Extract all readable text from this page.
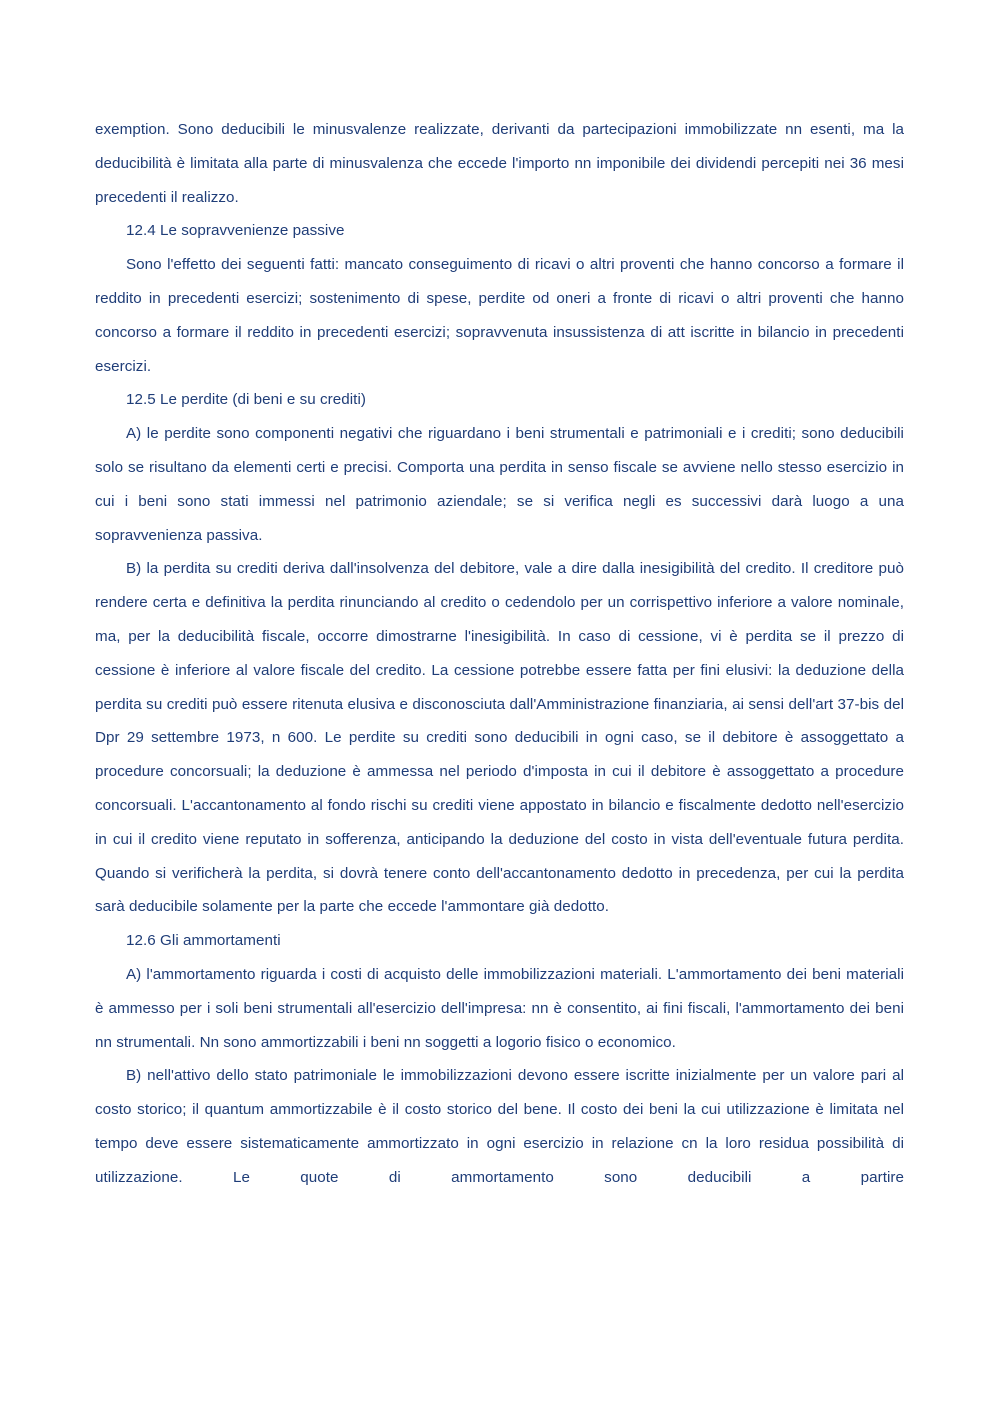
exemption. Sono deducibili le minusvalenze realizzate, derivanti da partecipazioni immobilizzate nn esenti, ma la deducibilità è limitata alla parte di minusvalenza che eccede l'importo nn imponibile dei dividendi percepiti nei 36 mesi precedenti il realizzo.

12.4 Le sopravvenienze passive

Sono l'effetto dei seguenti fatti: mancato conseguimento di ricavi o altri proventi che hanno concorso a formare il reddito in precedenti esercizi; sostenimento di spese, perdite od oneri a fronte di ricavi o altri proventi che hanno concorso a formare il reddito in precedenti esercizi; sopravvenuta insussistenza di att iscritte in bilancio in precedenti esercizi.

12.5 Le perdite (di beni e su crediti)

A) le perdite sono componenti negativi che riguardano i beni strumentali e patrimoniali e i crediti; sono deducibili solo se risultano da elementi certi e precisi. Comporta una perdita in senso fiscale se avviene nello stesso esercizio in cui i beni sono stati immessi nel patrimonio aziendale; se si verifica negli es successivi darà luogo a una sopravvenienza passiva.

B) la perdita su crediti deriva dall'insolvenza del debitore, vale a dire dalla inesigibilità del credito. Il creditore può rendere certa e definitiva la perdita rinunciando al credito o cedendolo per un corrispettivo inferiore a valore nominale, ma, per la deducibilità fiscale, occorre dimostrarne l'inesigibilità. In caso di cessione, vi è perdita se il prezzo di cessione è inferiore al valore fiscale del credito. La cessione potrebbe essere fatta per fini elusivi: la deduzione della perdita su crediti può essere ritenuta elusiva e disconosciuta dall'Amministrazione finanziaria, ai sensi dell'art 37-bis del Dpr 29 settembre 1973, n 600. Le perdite su crediti sono deducibili in ogni caso, se il debitore è assoggettato a procedure concorsuali; la deduzione è ammessa nel periodo d'imposta in cui il debitore è assoggettato a procedure concorsuali. L'accantonamento al fondo rischi su crediti viene appostato in bilancio e fiscalmente dedotto nell'esercizio in cui il credito viene reputato in sofferenza, anticipando la deduzione del costo in vista dell'eventuale futura perdita. Quando si verificherà la perdita, si dovrà tenere conto dell'accantonamento dedotto in precedenza, per cui la perdita sarà deducibile solamente per la parte che eccede l'ammontare già dedotto.

12.6 Gli ammortamenti

A) l'ammortamento riguarda i costi di acquisto delle immobilizzazioni materiali. L'ammortamento dei beni materiali è ammesso per i soli beni strumentali all'esercizio dell'impresa: nn è consentito, ai fini fiscali, l'ammortamento dei beni nn strumentali. Nn sono ammortizzabili i beni nn soggetti a logorio fisico o economico.

B) nell'attivo dello stato patrimoniale le immobilizzazioni devono essere iscritte inizialmente per un valore pari al costo storico; il quantum ammortizzabile è il costo storico del bene. Il costo dei beni la cui utilizzazione è limitata nel tempo deve essere sistematicamente ammortizzato in ogni esercizio in relazione cn la loro residua possibilità di utilizzazione. Le quote di ammortamento sono deducibili a partire
